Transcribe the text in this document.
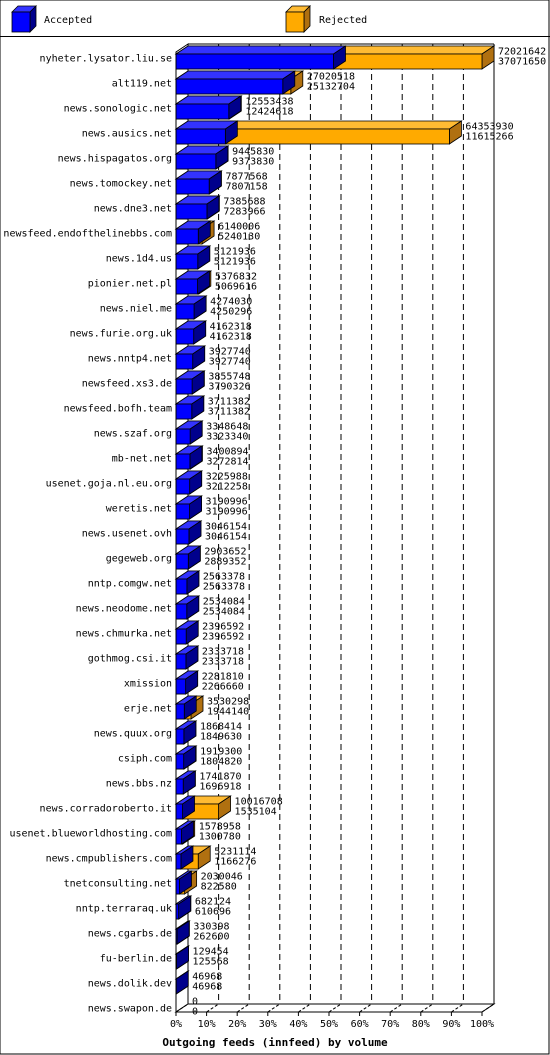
Accepted	Rejected
0% 10% 20% 30% 40% 50% 60% 70% 80% 90% 100%
nyheter.lysator.liu.se
72021642
37071650
alt119.net
27020518
25132704
news.sonologic.net
12553438
12424618
news.ausics.net
64353930
11615266
news.hispagatos.org
9445830
9373830
news.tomockey.net
7877568
7807158
news.dne3.net
7385688
7283966
newsfeed.endofthelinebbs.com
6140006
5240130
news.1d4.us
5121936
5121936
pionier.net.pl
5376832
5069616
news.niel.me
4274030
4250296
news.furie.org.uk
4162318
4162318
news.nntp4.net
3927740
3927740
newsfeed.xs3.de
3855748
3790326
newsfeed.bofh.team
3711382
3711382
news.szaf.org
3348648
3323340
mb-net.net
3400894
3272814
usenet.goja.nl.eu.org
3225988
3212258
weretis.net
3190996
3190996
news.usenet.ovh
3046154
3046154
gegeweb.org
2903652
2889352
nntp.comgw.net
2563378
2563378
news.neodome.net
2534084
2534084
news.chmurka.net
2396592
2396592
gothmog.csi.it
2333718
2333718
xmission
2281810
2266660
erje.net
3530298
1944140
news.quux.org
1868414
1849630
csiph.com
1919300
1804820
news.bbs.nz
1741870
1696918
news.corradoroberto.it
10016708
1535104
usenet.blueworldhosting.com
1578958
1300780
news.cmpublishers.com
5231114
1166276
tnetconsulting.net
2030046
822580
nntp.terraraq.uk
682124
610696
news.cgarbs.de
330398
262600
fu-berlin.de
129454
125568
news.dolik.dev
46968
46968
news.swapon.de
0
0
Outgoing feeds (innfeed) by volume
